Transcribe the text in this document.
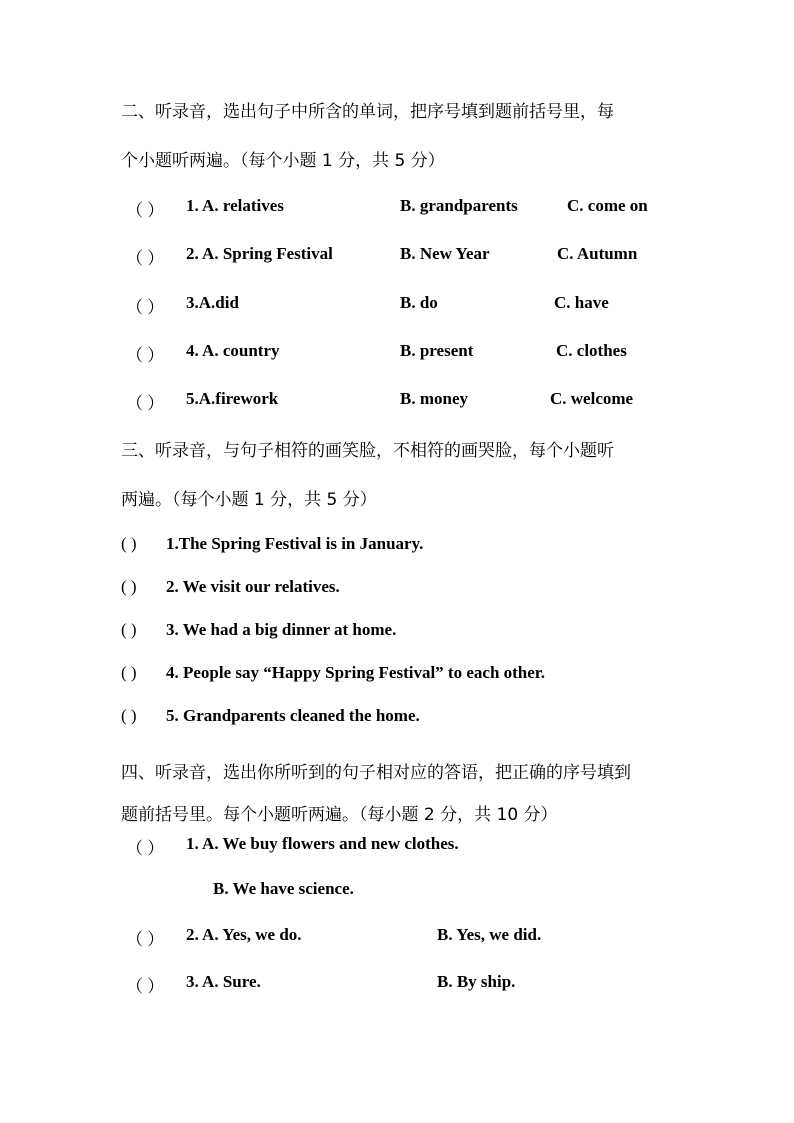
二、听录音，选出句子中所含的单词，把序号填到题前括号里，每
个小题听两遍。（每个小题 1 分，共 5 分）
（ ） 1. A. relatives	B. grandparents	C. come on
（ ） 2. A. Spring Festival	B. New Year	C. Autumn
（ ） 3.A.did	B. do	C. have
（ ） 4. A. country	B. present	C. clothes
（ ） 5.A.firework	B. money	C. welcome
三、听录音，与句子相符的画笑脸，不相符的画哭脸，每个小题听
两遍。（每个小题 1 分，共 5 分）
( ) 1.The Spring Festival is in January.
( ) 2. We visit our relatives.
( ) 3. We had a big dinner at home.
( ) 4. People say “Happy Spring Festival” to each other.
( ) 5. Grandparents cleaned the home.
四、听录音，选出你所听到的句子相对应的答语，把正确的序号填到
题前括号里。每个小题听两遍。（每小题 2 分，共 10 分）
（ ） 1. A. We buy flowers and new clothes.
B. We have science.
（ ） 2. A. Yes, we do.	B. Yes, we did.
（ ） 3. A. Sure.	B. By ship.
